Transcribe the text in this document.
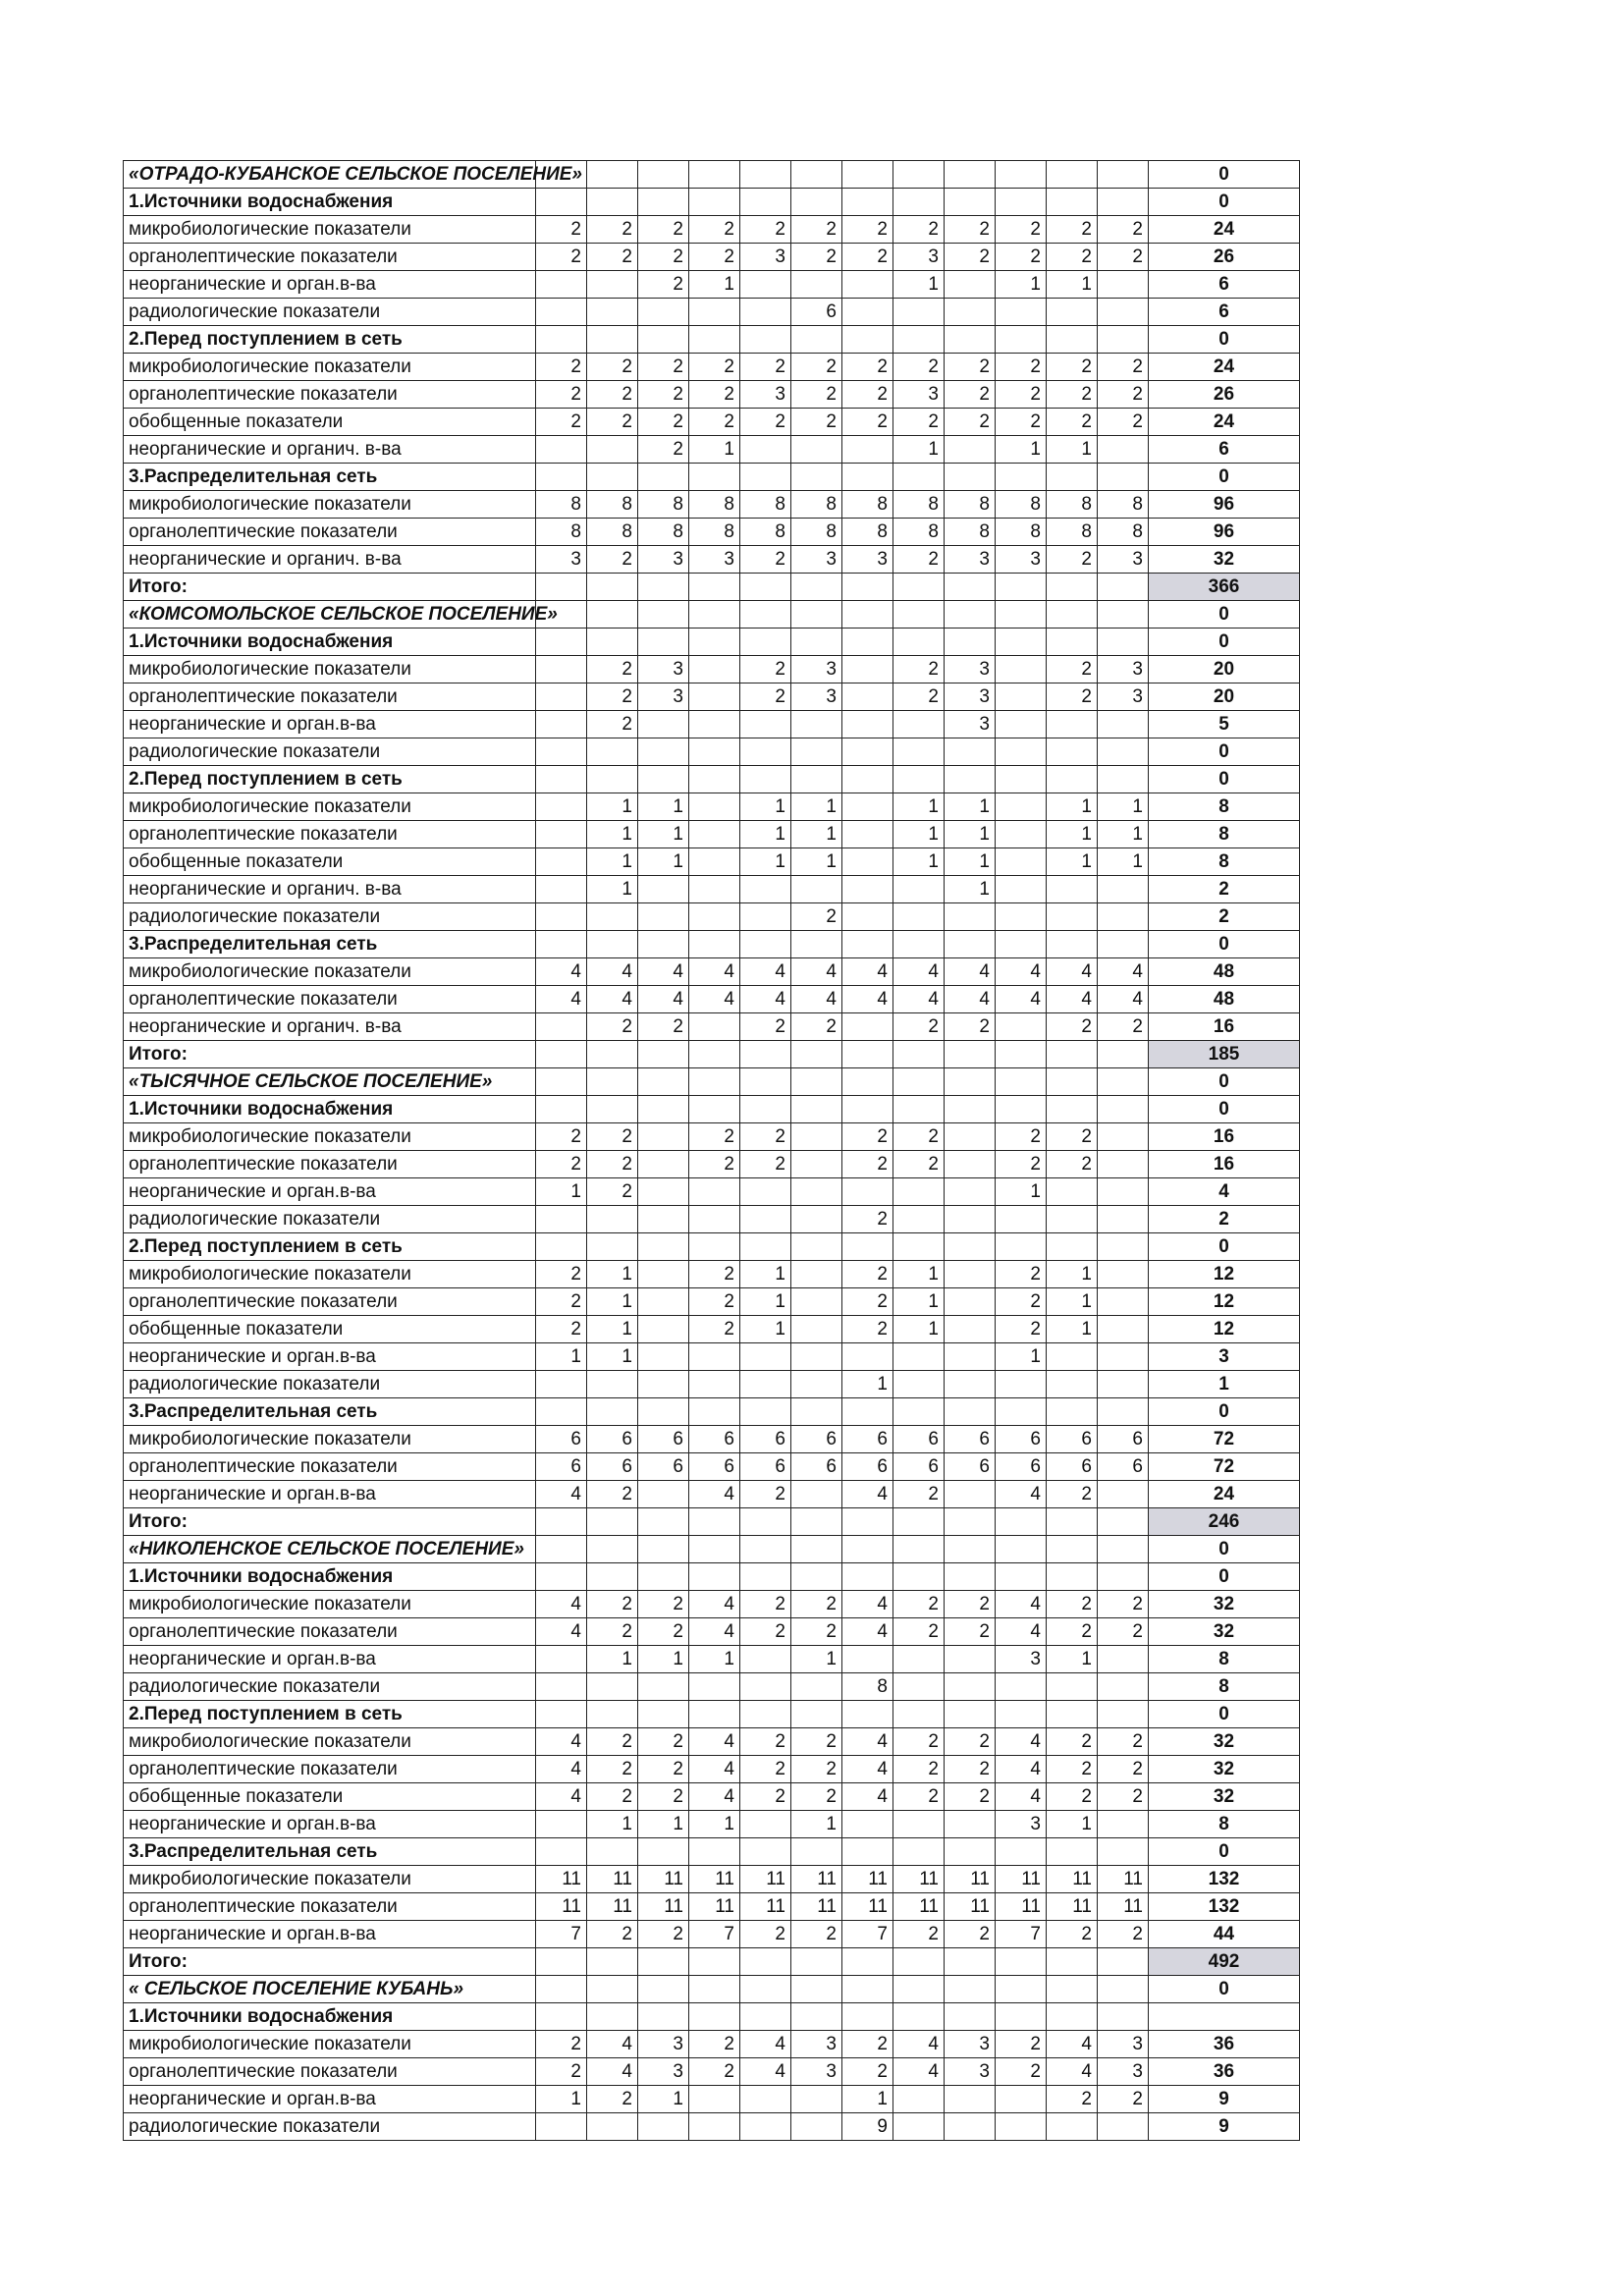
«ОТРАДО-КУБАНСКОЕ СЕЛЬСКОЕ ПОСЕЛЕНИЕ»													0
1.Источники водоснабжения													0
микробиологические показатели	2	2	2	2	2	2	2	2	2	2	2	2	24
органолептические показатели	2	2	2	2	3	2	2	3	2	2	2	2	26
неорганические и орган.в-ва			2	1				1		1	1		6
радиологические показатели						6							6
2.Перед поступлением в сеть													0
микробиологические показатели	2	2	2	2	2	2	2	2	2	2	2	2	24
органолептические показатели	2	2	2	2	3	2	2	3	2	2	2	2	26
обобщенные показатели	2	2	2	2	2	2	2	2	2	2	2	2	24
неорганические и органич. в-ва			2	1				1		1	1		6
3.Распределительная сеть													0
микробиологические показатели	8	8	8	8	8	8	8	8	8	8	8	8	96
органолептические показатели	8	8	8	8	8	8	8	8	8	8	8	8	96
неорганические и органич. в-ва	3	2	3	3	2	3	3	2	3	3	2	3	32
Итого:													366
«КОМСОМОЛЬСКОЕ СЕЛЬСКОЕ ПОСЕЛЕНИЕ»													0
1.Источники водоснабжения													0
микробиологические показатели		2	3		2	3		2	3		2	3	20
органолептические показатели		2	3		2	3		2	3		2	3	20
неорганические и орган.в-ва		2							3				5
радиологические показатели													0
2.Перед поступлением в сеть													0
микробиологические показатели		1	1		1	1		1	1		1	1	8
органолептические показатели		1	1		1	1		1	1		1	1	8
обобщенные показатели		1	1		1	1		1	1		1	1	8
неорганические и органич. в-ва		1							1				2
радиологические показатели						2							2
3.Распределительная сеть													0
микробиологические показатели	4	4	4	4	4	4	4	4	4	4	4	4	48
органолептические показатели	4	4	4	4	4	4	4	4	4	4	4	4	48
неорганические и органич. в-ва		2	2		2	2		2	2		2	2	16
Итого:													185
«ТЫСЯЧНОЕ СЕЛЬСКОЕ ПОСЕЛЕНИЕ»													0
1.Источники водоснабжения													0
микробиологические показатели	2	2		2	2		2	2		2	2		16
органолептические показатели	2	2		2	2		2	2		2	2		16
неорганические и орган.в-ва	1	2								1			4
радиологические показатели							2						2
2.Перед поступлением в сеть													0
микробиологические показатели	2	1		2	1		2	1		2	1		12
органолептические показатели	2	1		2	1		2	1		2	1		12
обобщенные показатели	2	1		2	1		2	1		2	1		12
неорганические и орган.в-ва	1	1								1			3
радиологические показатели							1						1
3.Распределительная сеть													0
микробиологические показатели	6	6	6	6	6	6	6	6	6	6	6	6	72
органолептические показатели	6	6	6	6	6	6	6	6	6	6	6	6	72
неорганические и орган.в-ва	4	2		4	2		4	2		4	2		24
Итого:													246
«НИКОЛЕНСКОЕ СЕЛЬСКОЕ ПОСЕЛЕНИЕ»													0
1.Источники водоснабжения													0
микробиологические показатели	4	2	2	4	2	2	4	2	2	4	2	2	32
органолептические показатели	4	2	2	4	2	2	4	2	2	4	2	2	32
неорганические и орган.в-ва		1	1	1		1				3	1		8
радиологические показатели							8						8
2.Перед поступлением в сеть													0
микробиологические показатели	4	2	2	4	2	2	4	2	2	4	2	2	32
органолептические показатели	4	2	2	4	2	2	4	2	2	4	2	2	32
обобщенные показатели	4	2	2	4	2	2	4	2	2	4	2	2	32
неорганические и орган.в-ва		1	1	1		1				3	1		8
3.Распределительная сеть													0
микробиологические показатели	11	11	11	11	11	11	11	11	11	11	11	11	132
органолептические показатели	11	11	11	11	11	11	11	11	11	11	11	11	132
неорганические и орган.в-ва	7	2	2	7	2	2	7	2	2	7	2	2	44
Итого:													492
« СЕЛЬСКОЕ ПОСЕЛЕНИЕ КУБАНЬ»													0
1.Источники водоснабжения													
микробиологические показатели	2	4	3	2	4	3	2	4	3	2	4	3	36
органолептические показатели	2	4	3	2	4	3	2	4	3	2	4	3	36
неорганические и орган.в-ва	1	2	1				1				2	2	9
радиологические показатели							9						9
